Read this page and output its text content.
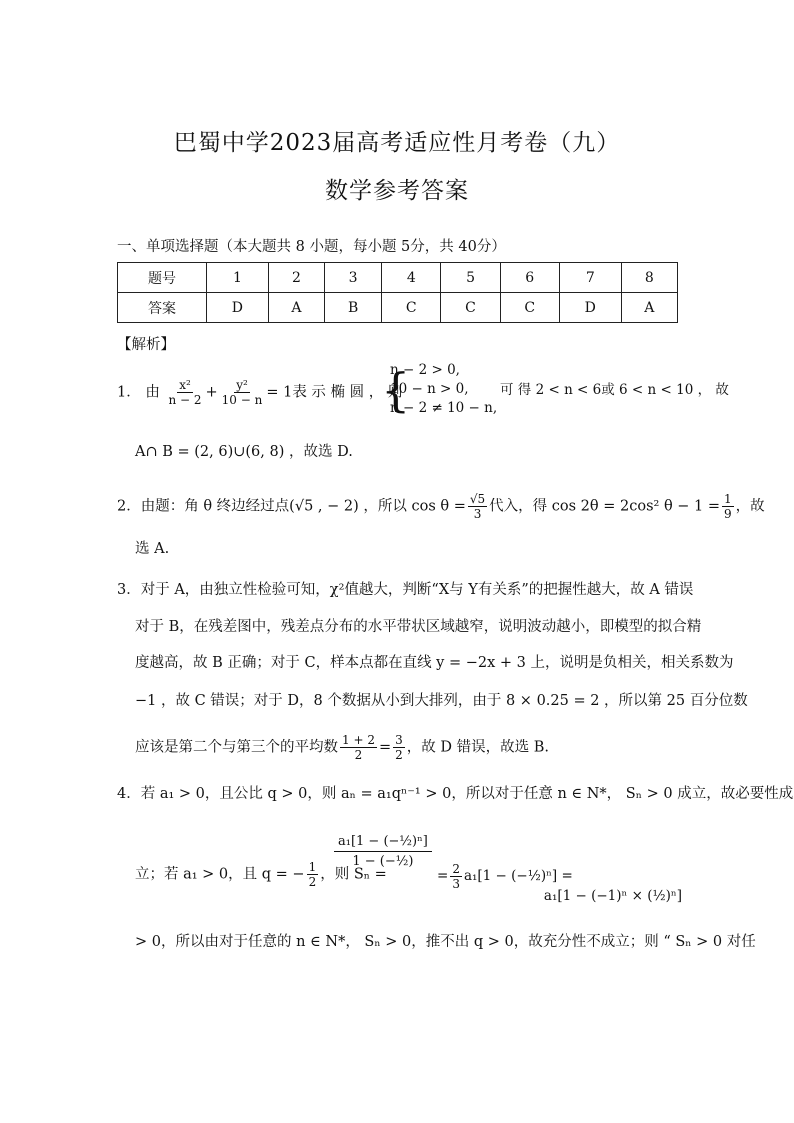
巴蜀中学2023届高考适应性月考卷（九）
数学参考答案
一、单项选择题（本大题共 8 小题，每小题 5分，共 40分）
题号	1	2	3	4	5	6	7	8
答案	D	A	B	C	C	C	D	A
【解析】
1． 由 $\frac{\text{x²}}{n - 2} + \frac{\text{y²}}{10 - n} = 1$表 示 椭 圆 ， 则
{
n − 2 > 0,
10 − n > 0,
n − 2 ≠ 10 − n,
可 得 2 < n < 6或 6 < n < 10 ， 故
A∩ B = (2, 6)∪(6, 8) ，故选 D.
2．由题：角 θ 终边经过点(√5 , − 2) ，所以 $\cos \theta = \frac{√5}{3}$ 代入，得 cos 2θ = 2cos² $\theta - 1 = \frac{1}{9}$ ，故
选 A.
3．对于 A，由独立性检验可知，χ²值越大，判断“X与 Y有关系”的把握性越大，故 A 错误
对于 B，在残差图中，残差点分布的水平带状区域越窄，说明波动越小，即模型的拟合精
度越高，故 B 正确；对于 C，样本点都在直线 y = −2x + 3 上，说明是负相关，相关系数为
−1 ，故 C 错误；对于 D，8 个数据从小到大排列，由于 8 × 0.25 = 2 ，所以第 25 百分位数
应该是第二个与第三个的平均数 $\frac{1 + 2}{2} = \frac{3}{2}$ ，故 D 错误，故选 B.
4．若 a₁ > 0，且公比 q > 0，则 aₙ = a₁qⁿ⁻¹ > 0，所以对于任意 n ∈ N*， Sₙ > 0 成立，故必要性成
立；若 a₁ > 0，且 q = − $\frac{1}{2}$ ，则 Sₙ =
$\frac{\text{a₁[1 − (−½)ⁿ]}}{\text{1 − (−½)}}$
= $\frac{2}{3} a_1[1$ − (−½)ⁿ] =
a₁[1 − (−1)ⁿ × (½)ⁿ]
> 0，所以由对于任意的 n ∈ N*， Sₙ > 0，推不出 q > 0，故充分性不成立；则 “ Sₙ > 0 对任
